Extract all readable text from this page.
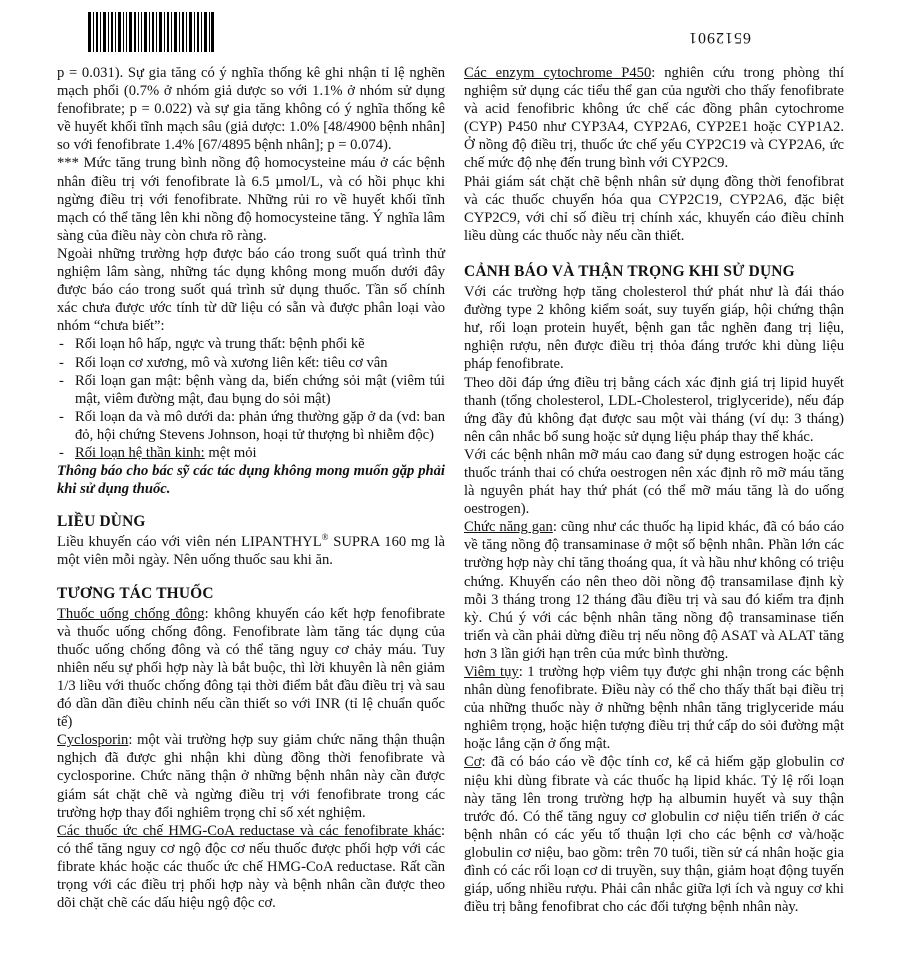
6512901

p = 0.031). Sự gia tăng có ý nghĩa thống kê ghi nhận tỉ lệ nghẽn mạch phổi (0.7% ở nhóm giả dược so với 1.1% ở nhóm sử dụng fenofibrate; p = 0.022) và sự gia tăng không có ý nghĩa thống kê về huyết khối tĩnh mạch sâu (giả dược: 1.0% [48/4900 bệnh nhân] so với fenofibrate 1.4% [67/4895 bệnh nhân]; p = 0.074).

*** Mức tăng trung bình nồng độ homocysteine máu ở các bệnh nhân điều trị với fenofibrate là 6.5 µmol/L, và có hồi phục khi ngừng điều trị với fenofibrate. Những rủi ro về huyết khối tĩnh mạch có thể tăng lên khi nồng độ homocysteine tăng. Ý nghĩa lâm sàng của điều này còn chưa rõ ràng.

Ngoài những trường hợp được báo cáo trong suốt quá trình thử nghiệm lâm sàng, những tác dụng không mong muốn dưới đây được báo cáo trong suốt quá trình sử dụng thuốc. Tần số chính xác chưa được ước tính từ dữ liệu có sẵn và được phân loại vào nhóm “chưa biết”:

- Rối loạn hô hấp, ngực và trung thất: bệnh phổi kẽ
- Rối loạn cơ xương, mô và xương liên kết: tiêu cơ vân
- Rối loạn gan mật: bệnh vàng da, biến chứng sỏi mật (viêm túi mật, viêm đường mật, đau bụng do sỏi mật)
- Rối loạn da và mô dưới da: phản ứng thường gặp ở da (vd: ban đỏ, hội chứng Stevens Johnson, hoại tử thượng bì nhiễm độc)
- Rối loạn hệ thần kinh: mệt mỏi

Thông báo cho bác sỹ các tác dụng không mong muốn gặp phải khi sử dụng thuốc.

LIỀU DÙNG

Liều khuyến cáo với viên nén LIPANTHYL® SUPRA 160 mg là một viên mỗi ngày. Nên uống thuốc sau khi ăn.

TƯƠNG TÁC THUỐC

Thuốc uống chống đông: không khuyến cáo kết hợp fenofibrate và thuốc uống chống đông. Fenofibrate làm tăng tác dụng của thuốc uống chống đông và có thể tăng nguy cơ chảy máu. Tuy nhiên nếu sự phối hợp này là bắt buộc, thì lời khuyên là nên giảm 1/3 liều với thuốc chống đông tại thời điểm bắt đầu điều trị và sau đó dần dần điều chỉnh nếu cần thiết so với INR (tỉ lệ chuẩn quốc tế)

Cyclosporin: một vài trường hợp suy giảm chức năng thận thuận nghịch đã được ghi nhận khi dùng đồng thời fenofibrate và cyclosporine. Chức năng thận ở những bệnh nhân này cần được giám sát chặt chẽ và ngừng điều trị với fenofibrate trong các trường hợp thay đổi nghiêm trọng chỉ số xét nghiệm.

Các thuốc ức chế HMG-CoA reductase và các fenofibrate khác: có thể tăng nguy cơ ngộ độc cơ nếu thuốc được phối hợp với các fibrate khác hoặc các thuốc ức chế HMG-CoA reductase. Rất cần trọng với các điều trị phối hợp này và bệnh nhân cần được theo dõi chặt chẽ các dấu hiệu ngộ độc cơ.

Các enzym cytochrome P450: nghiên cứu trong phòng thí nghiệm sử dụng các tiểu thể gan của người cho thấy fenofibrate và acid fenofibric không ức chế các đồng phân cytochrome (CYP) P450 như CYP3A4, CYP2A6, CYP2E1 hoặc CYP1A2. Ở nồng độ điều trị, thuốc ức chế yếu CYP2C19 và CYP2A6, ức chế mức độ nhẹ đến trung bình với CYP2C9.

Phải giám sát chặt chẽ bệnh nhân sử dụng đồng thời fenofibrat và các thuốc chuyển hóa qua CYP2C19, CYP2A6, đặc biệt CYP2C9, với chỉ số điều trị chính xác, khuyến cáo điều chỉnh liều dùng các thuốc này nếu cần thiết.

CẢNH BÁO VÀ THẬN TRỌNG KHI SỬ DỤNG

Với các trường hợp tăng cholesterol thứ phát như là đái tháo đường type 2 không kiểm soát, suy tuyến giáp, hội chứng thận hư, rối loạn protein huyết, bệnh gan tắc nghẽn đang trị liệu, nghiện rượu, nên được điều trị thỏa đáng trước khi dùng liệu pháp fenofibrate.

Theo dõi đáp ứng điều trị bằng cách xác định giá trị lipid huyết thanh (tổng cholesterol, LDL-Cholesterol, triglyceride), nếu đáp ứng đầy đủ không đạt được sau một vài tháng (ví dụ: 3 tháng) nên cân nhắc bổ sung hoặc sử dụng liệu pháp thay thế khác.

Với các bệnh nhân mỡ máu cao đang sử dụng estrogen hoặc các thuốc tránh thai có chứa oestrogen nên xác định rõ mỡ máu tăng là nguyên phát hay thứ phát (có thể mỡ máu tăng là do uống oestrogen).

Chức năng gan: cũng như các thuốc hạ lipid khác, đã có báo cáo về tăng nồng độ transaminase ở một số bệnh nhân. Phần lớn các trường hợp này chỉ tăng thoáng qua, ít và hầu như không có triệu chứng. Khuyến cáo nên theo dõi nồng độ transamilase định kỳ mỗi 3 tháng trong 12 tháng đầu điều trị và sau đó kiểm tra định kỳ. Chú ý với các bệnh nhân tăng nồng độ transaminase tiến triển và cần phải dừng điều trị nếu nồng độ ASAT và ALAT tăng hơn 3 lần giới hạn trên của mức bình thường.

Viêm tụy: 1 trường hợp viêm tụy được ghi nhận trong các bệnh nhân dùng fenofibrate. Điều này có thể cho thấy thất bại điều trị của những thuốc này ở những bệnh nhân tăng triglyceride máu nghiêm trọng, hoặc hiện tượng điều trị thứ cấp do sỏi đường mật hoặc lắng cặn ở ống mật.

Cơ: đã có báo cáo về độc tính cơ, kể cả hiếm gặp globulin cơ niệu khi dùng fibrate và các thuốc hạ lipid khác. Tỷ lệ rối loạn này tăng lên trong trường hợp hạ albumin huyết và suy thận trước đó. Có thể tăng nguy cơ globulin cơ niệu tiến triển ở các bệnh nhân có các yếu tố thuận lợi cho các bệnh cơ và/hoặc globulin cơ niệu, bao gồm: trên 70 tuổi, tiền sử cá nhân hoặc gia đình có các rối loạn cơ di truyền, suy thận, giảm hoạt động tuyến giáp, uống nhiều rượu. Phải cân nhắc giữa lợi ích và nguy cơ khi điều trị bằng fenofibrat cho các đối tượng bệnh nhân này.
